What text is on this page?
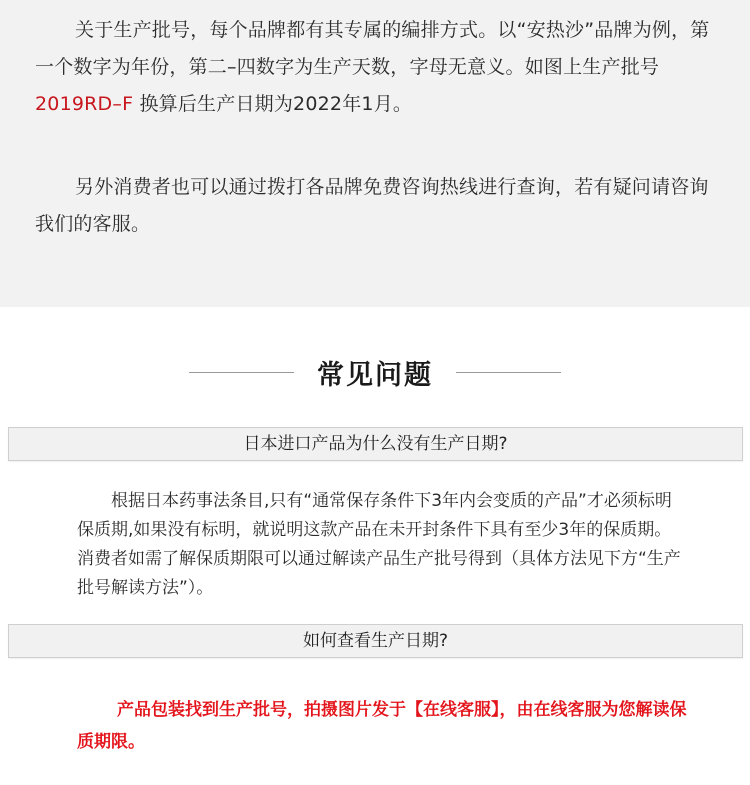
关于生产批号，每个品牌都有其专属的编排方式。以“安热沙”品牌为例，第一个数字为年份，第二–四数字为生产天数，字母无意义。如图上生产批号2019RD–F 换算后生产日期为2022年1月。

另外消费者也可以通过拨打各品牌免费咨询热线进行查询，若有疑问请咨询我们的客服。

常见问题
日本进口产品为什么没有生产日期?

根据日本药事法条目,只有“通常保存条件下3年内会变质的产品”才必须标明保质期,如果没有标明，就说明这款产品在未开封条件下具有至少3年的保质期。消费者如需了解保质期限可以通过解读产品生产批号得到（具体方法见下方“生产批号解读方法”）。

如何查看生产日期?

产品包装找到生产批号，拍摄图片发于【在线客服】，由在线客服为您解读保质期限。
